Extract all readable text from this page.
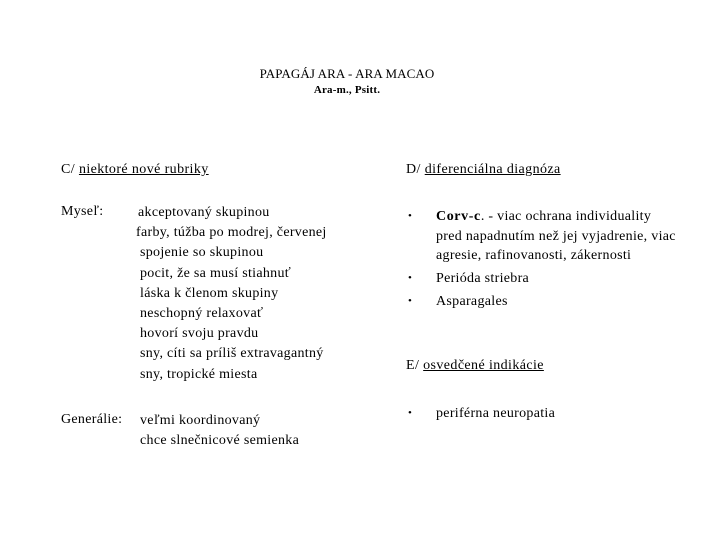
PAPAGÁJ ARA - ARA MACAO
Ara-m., Psitt.
C/ niektoré nové rubriky
Myseľ: akceptovaný skupinou
farby, túžba po modrej, červenej
spojenie so skupinou
pocit, že sa musí stiahnuť
láska k členom skupiny
neschopný relaxovať
hovorí svoju pravdu
sny, cíti sa príliš extravagantný
sny, tropické miesta
Generálie: veľmi koordinovaný
chce slnečnicové semienka
D/ diferenciálna diagnóza
• Corv-c. - viac ochrana individuality pred napadnutím než jej vyjadrenie, viac agresie, rafinovanosti, zákernosti
• Perióda striebra
• Asparagales
E/ osvedčené indikácie
• periférna neuropatia
